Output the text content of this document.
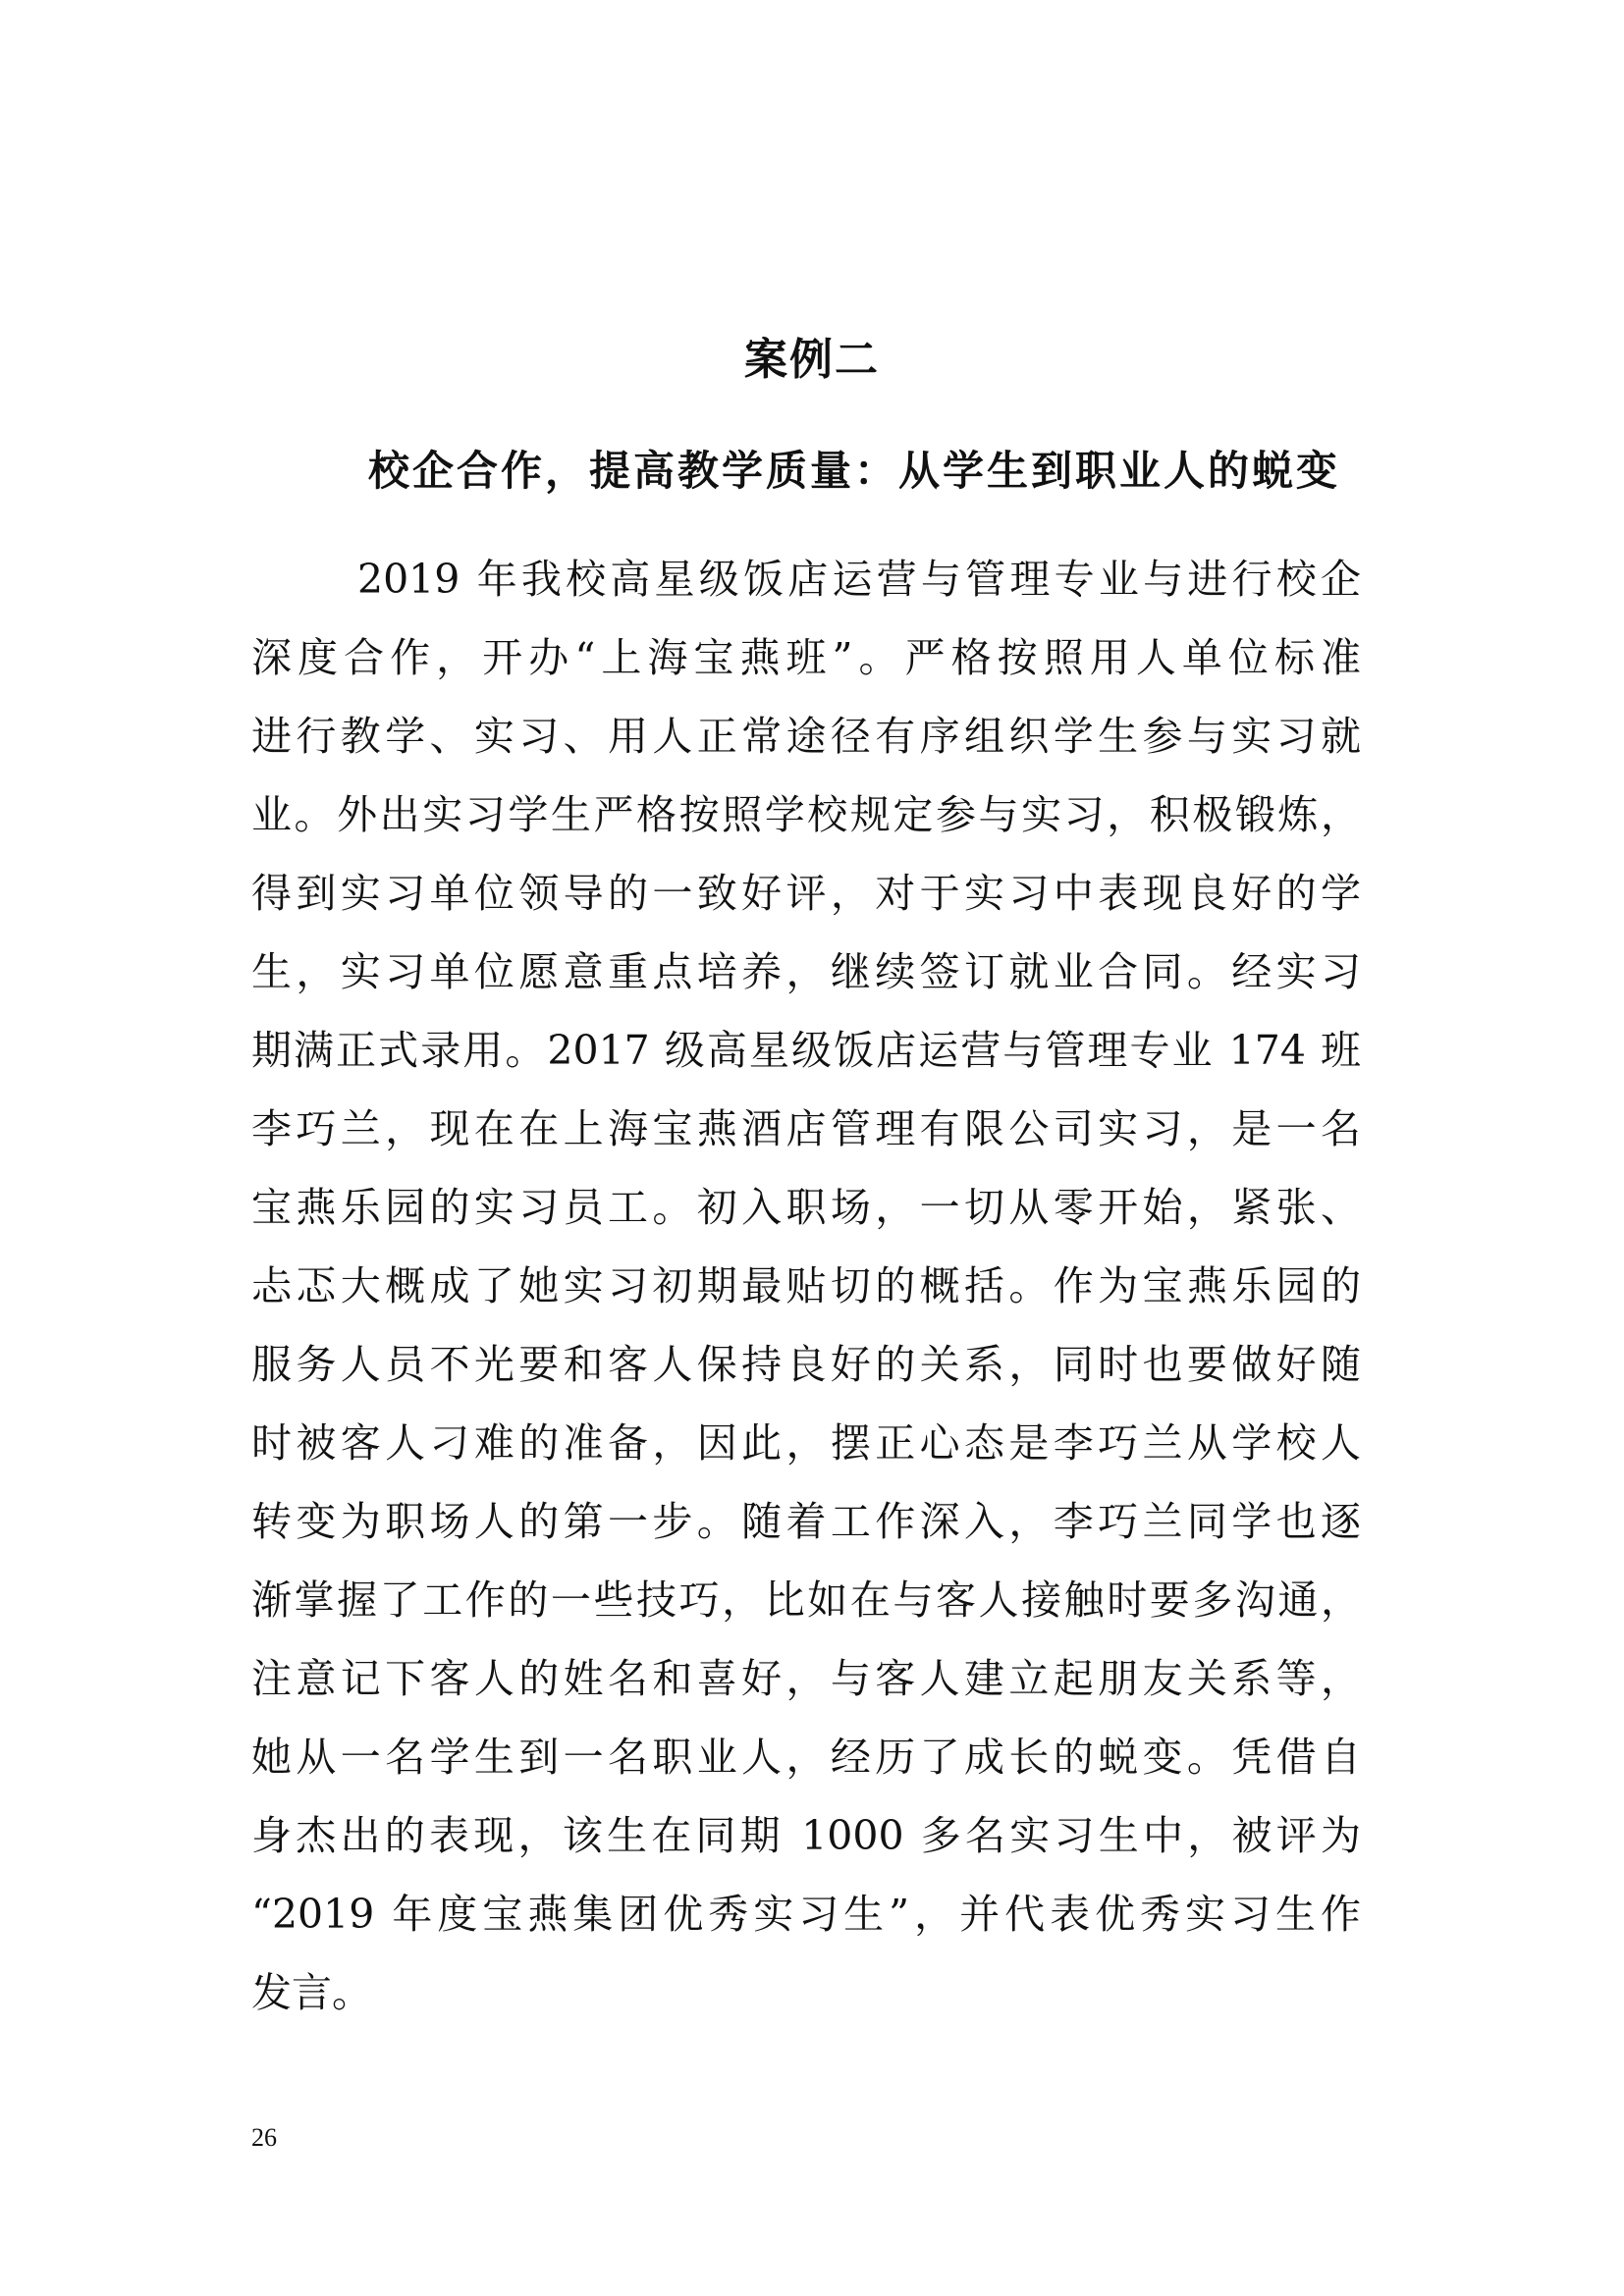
案例二
校企合作，提高教学质量：从学生到职业人的蜕变
2019 年我校高星级饭店运营与管理专业与进行校企
深度合作，开办“上海宝燕班”。严格按照用人单位标准
进行教学、实习、用人正常途径有序组织学生参与实习就
业。外出实习学生严格按照学校规定参与实习，积极锻炼，
得到实习单位领导的一致好评，对于实习中表现良好的学
生，实习单位愿意重点培养，继续签订就业合同。经实习
期满正式录用。2017 级高星级饭店运营与管理专业 174 班
李巧兰，现在在上海宝燕酒店管理有限公司实习，是一名
宝燕乐园的实习员工。初入职场，一切从零开始，紧张、
忐忑大概成了她实习初期最贴切的概括。作为宝燕乐园的
服务人员不光要和客人保持良好的关系，同时也要做好随
时被客人刁难的准备，因此，摆正心态是李巧兰从学校人
转变为职场人的第一步。随着工作深入，李巧兰同学也逐
渐掌握了工作的一些技巧，比如在与客人接触时要多沟通，
注意记下客人的姓名和喜好，与客人建立起朋友关系等，
她从一名学生到一名职业人，经历了成长的蜕变。凭借自
身杰出的表现，该生在同期 1000 多名实习生中，被评为
“2019 年度宝燕集团优秀实习生”，并代表优秀实习生作
发言。

26
